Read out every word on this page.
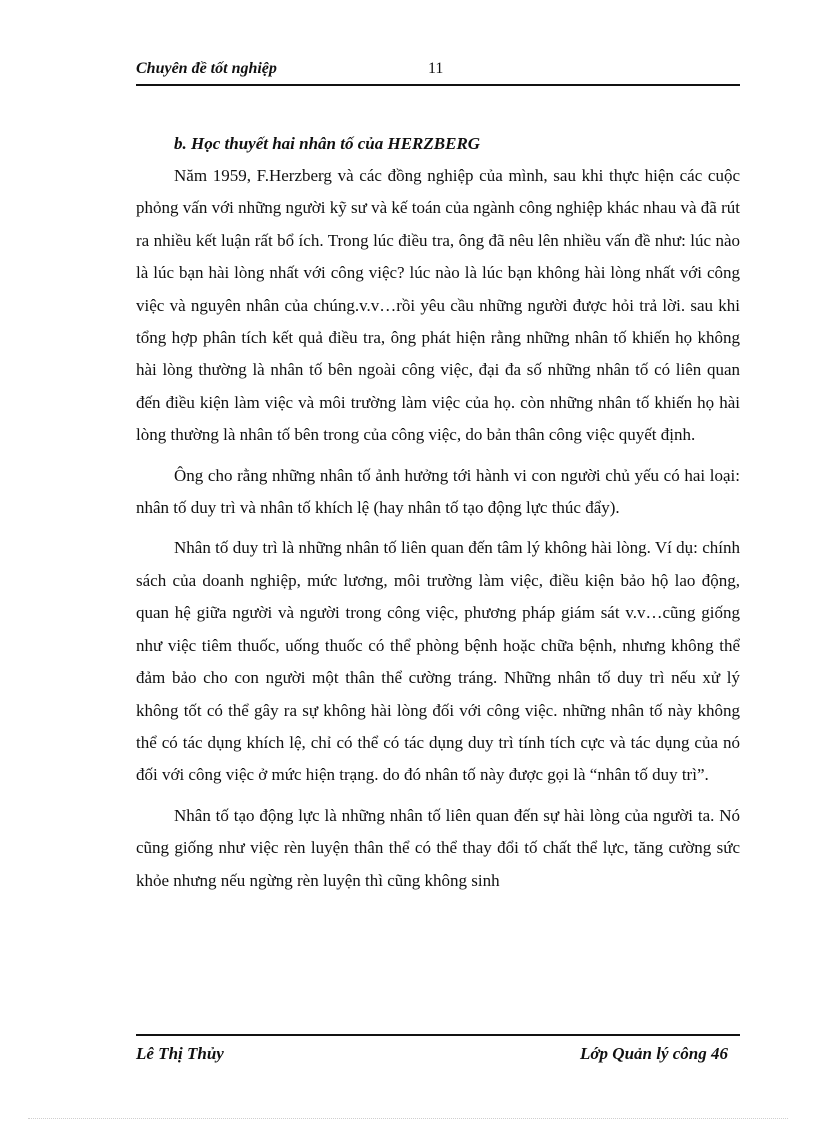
Chuyên đề tốt nghiệp	11
b. Học thuyết hai nhân tố của HERZBERG

Năm 1959, F.Herzberg và các đồng nghiệp của mình, sau khi thực hiện các cuộc phỏng vấn với những người kỹ sư và kế toán của ngành công nghiệp khác nhau và đã rút ra nhiều kết luận rất bổ ích. Trong lúc điều tra, ông đã nêu lên nhiều vấn đề như: lúc nào là lúc bạn hài lòng nhất với công việc? lúc nào là lúc bạn không hài lòng nhất với công việc và nguyên nhân của chúng.v.v…rồi yêu cầu những người được hỏi trả lời. sau khi tổng hợp phân tích kết quả điều tra, ông phát hiện rằng những nhân tố khiến họ không hài lòng thường là nhân tố bên ngoài công việc, đại đa số những nhân tố có liên quan đến điều kiện làm việc và môi trường làm việc của họ. còn những nhân tố khiến họ hài lòng thường là nhân tố bên trong của công việc, do bản thân công việc quyết định.

Ông cho rằng những nhân tố ảnh hưởng tới hành vi con người chủ yếu có hai loại: nhân tố duy trì và nhân tố khích lệ (hay nhân tố tạo động lực thúc đẩy).

Nhân tố duy trì là những nhân tố liên quan đến tâm lý không hài lòng. Ví dụ: chính sách của doanh nghiệp, mức lương, môi trường làm việc, điều kiện bảo hộ lao động, quan hệ giữa người và người trong công việc, phương pháp giám sát v.v…cũng giống như việc tiêm thuốc, uống thuốc có thể phòng bệnh hoặc chữa bệnh, nhưng không thể đảm bảo cho con người một thân thể cường tráng. Những nhân tố duy trì nếu xử lý không tốt có thể gây ra sự không hài lòng đối với công việc. những nhân tố này không thể có tác dụng khích lệ, chỉ có thể có tác dụng duy trì tính tích cực và tác dụng của nó đối với công việc ở mức hiện trạng. do đó nhân tố này được gọi là “nhân tố duy trì”.

Nhân tố tạo động lực là những nhân tố liên quan đến sự hài lòng của người ta. Nó cũng giống như việc rèn luyện thân thể có thể thay đổi tố chất thể lực, tăng cường sức khỏe nhưng nếu ngừng rèn luyện thì cũng không sinh

Lê Thị Thủy	Lớp Quản lý công 46
